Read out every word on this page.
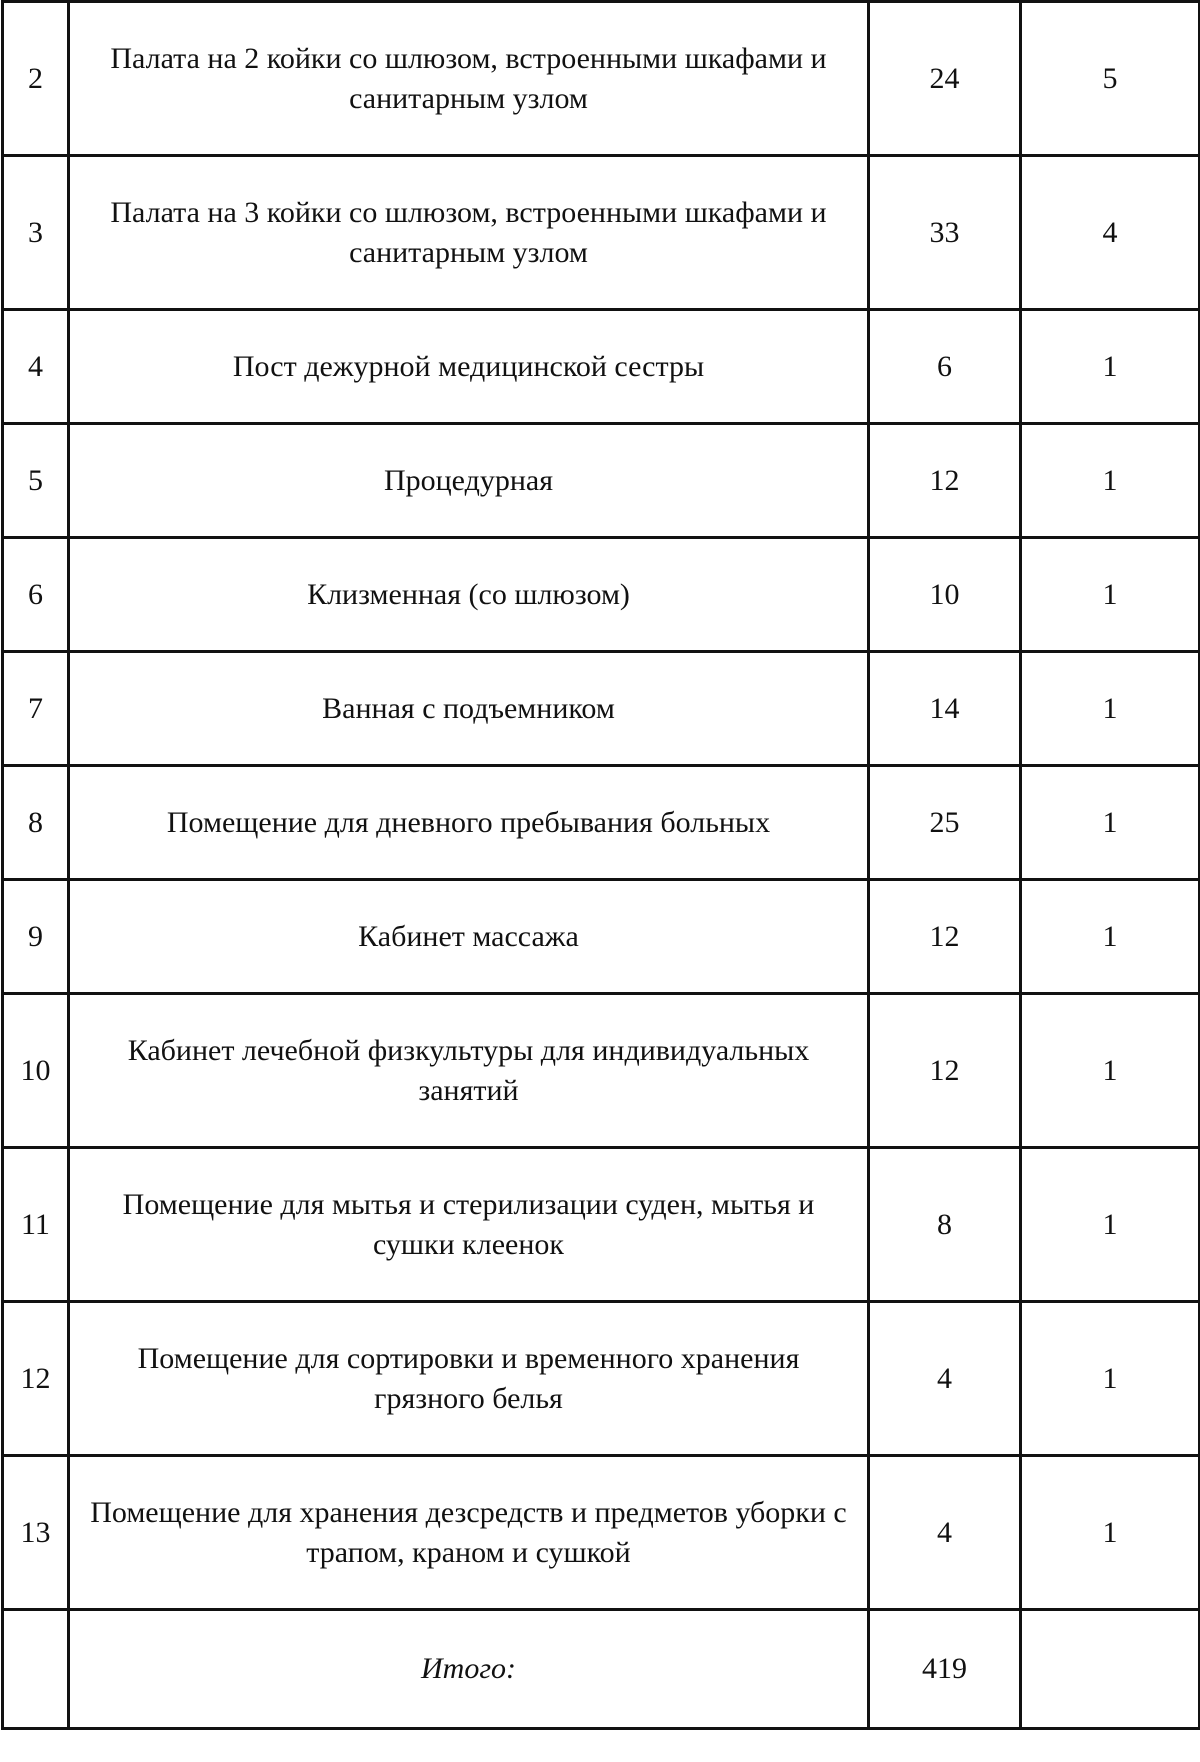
2	Палата на 2 койки со шлюзом, встроенными шкафами и санитарным узлом	24	5
3	Палата на 3 койки со шлюзом, встроенными шкафами и санитарным узлом	33	4
4	Пост дежурной медицинской сестры	6	1
5	Процедурная	12	1
6	Клизменная (со шлюзом)	10	1
7	Ванная с подъемником	14	1
8	Помещение для дневного пребывания больных	25	1
9	Кабинет массажа	12	1
10	Кабинет лечебной физкультуры для индивидуальных занятий	12	1
11	Помещение для мытья и стерилизации суден, мытья и сушки клеенок	8	1
12	Помещение для сортировки и временного хранения грязного белья	4	1
13	Помещение для хранения дезсредств и предметов уборки с трапом, краном и сушкой	4	1
	Итого:	419	
